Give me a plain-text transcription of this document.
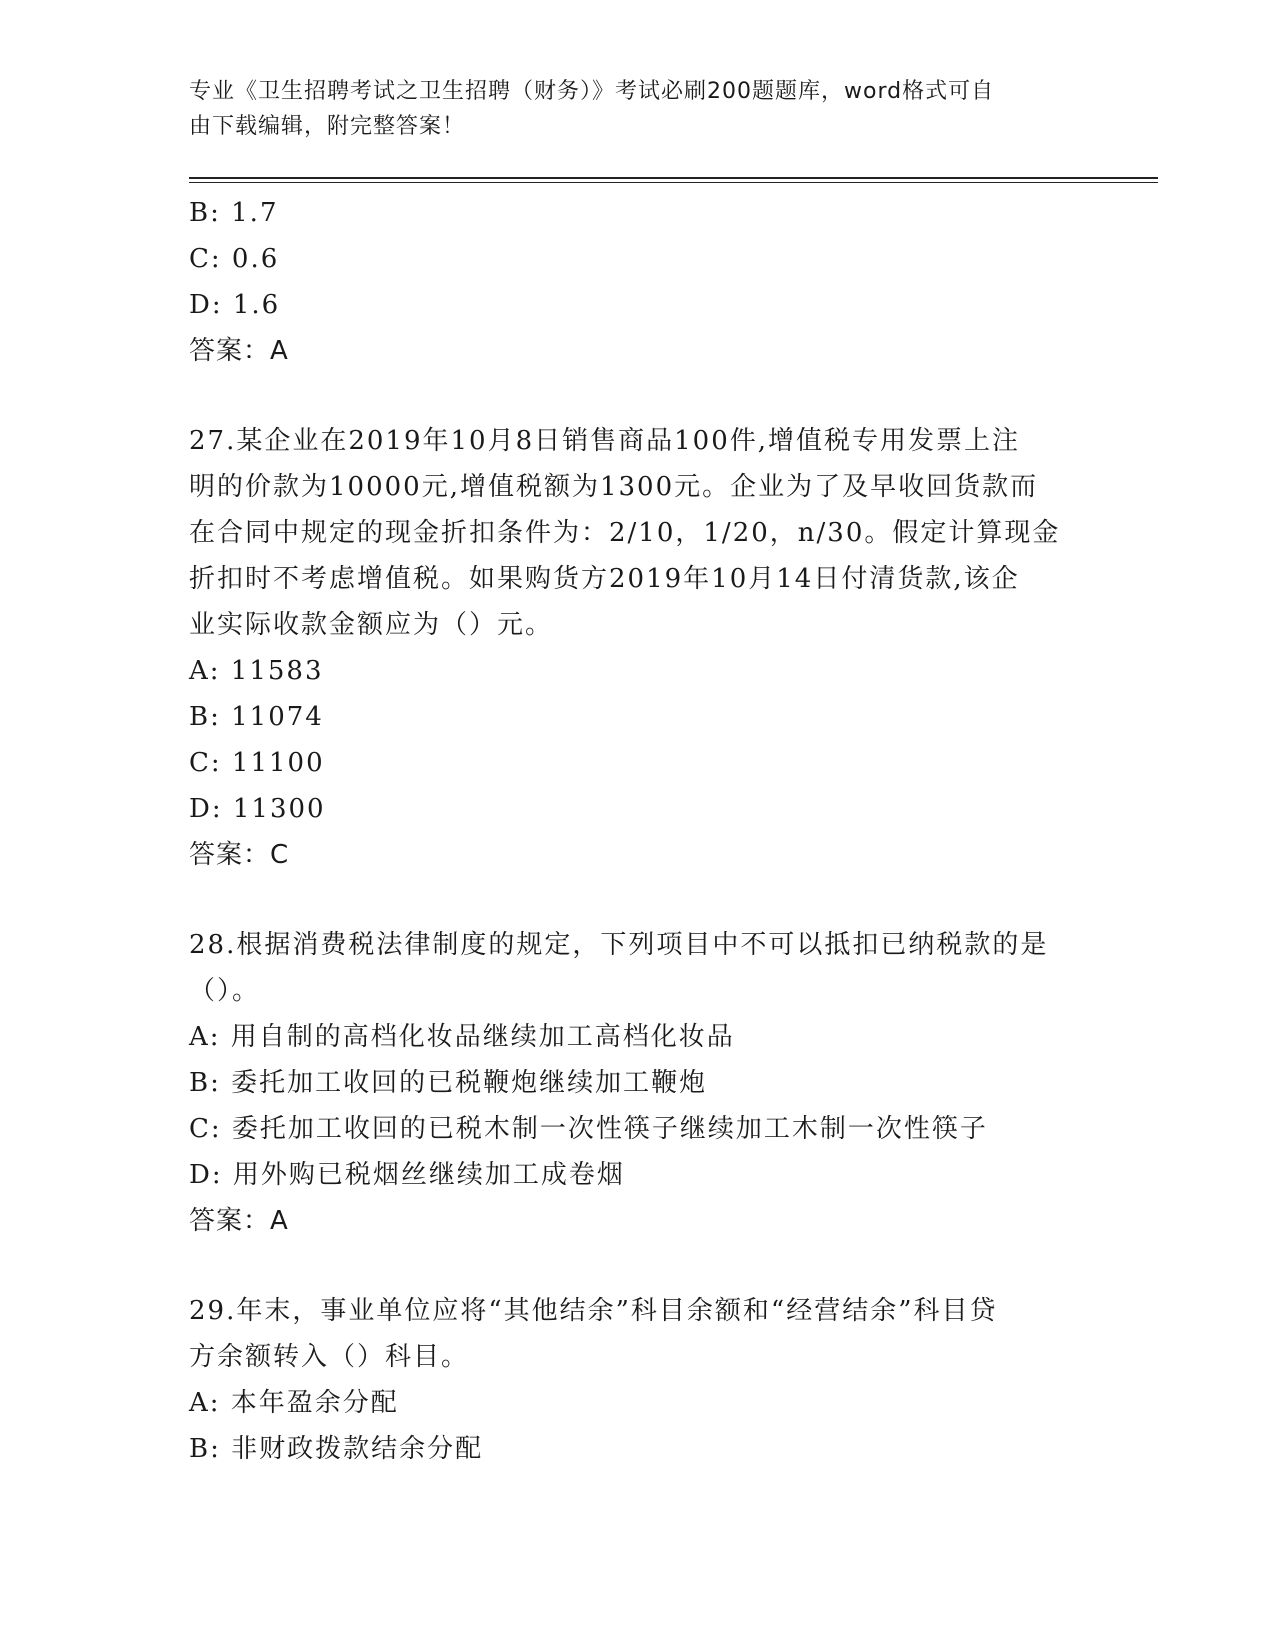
专业《卫生招聘考试之卫生招聘（财务）》考试必刷200题题库，word格式可自
由下载编辑，附完整答案！
B: 1.7
C: 0.6
D: 1.6
答案：A
27.某企业在2019年10月8日销售商品100件,增值税专用发票上注
明的价款为10000元,增值税额为1300元。企业为了及早收回货款而
在合同中规定的现金折扣条件为：2/10，1/20，n/30。假定计算现金
折扣时不考虑增值税。如果购货方2019年10月14日付清货款,该企
业实际收款金额应为（）元。
A: 11583
B: 11074
C: 11100
D: 11300
答案：C
28.根据消费税法律制度的规定，下列项目中不可以抵扣已纳税款的是
（）。
A: 用自制的高档化妆品继续加工高档化妆品
B: 委托加工收回的已税鞭炮继续加工鞭炮
C: 委托加工收回的已税木制一次性筷子继续加工木制一次性筷子
D: 用外购已税烟丝继续加工成卷烟
答案：A
29.年末，事业单位应将“其他结余”科目余额和“经营结余”科目贷
方余额转入（）科目。
A: 本年盈余分配
B: 非财政拨款结余分配
